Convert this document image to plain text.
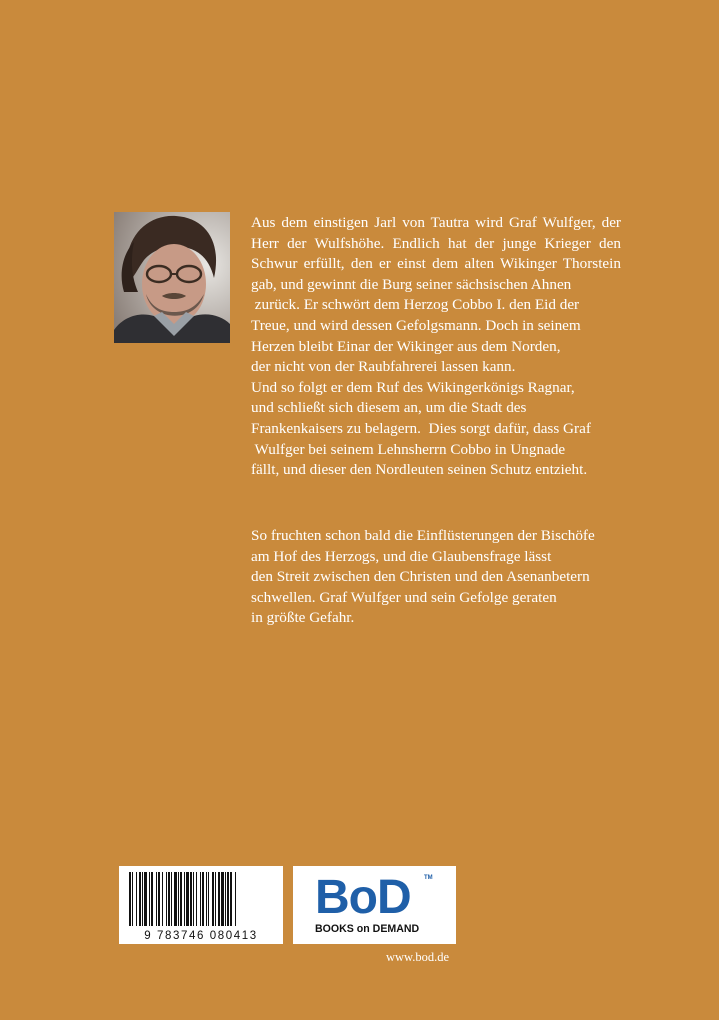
Aus dem einstigen Jarl von Tautra wird Graf Wulfger, der
Herr der Wulfshöhe. Endlich hat der junge Krieger den
Schwur erfüllt, den er einst dem alten Wikinger Thorstein
gab, und gewinnt die Burg seiner sächsischen Ahnen
zurück. Er schwört dem Herzog Cobbo I. den Eid der
Treue, und wird dessen Gefolgsmann. Doch in seinem
Herzen bleibt Einar der Wikinger aus dem Norden,
der nicht von der Raubfahrerei lassen kann.
Und so folgt er dem Ruf des Wikingerkönigs Ragnar,
und schließt sich diesem an, um die Stadt des
Frankenkaisers zu belagern.  Dies sorgt dafür, dass Graf
Wulfger bei seinem Lehnsherrn Cobbo in Ungnade
fällt, und dieser den Nordleuten seinen Schutz entzieht.
So fruchten schon bald die Einflüsterungen der Bischöfe
am Hof des Herzogs, und die Glaubensfrage lässt
den Streit zwischen den Christen und den Asenanbetern
schwellen. Graf Wulfger und sein Gefolge geraten
in größte Gefahr.
9 783746 080413
BoD TM
BOOKS on DEMAND
www.bod.de
